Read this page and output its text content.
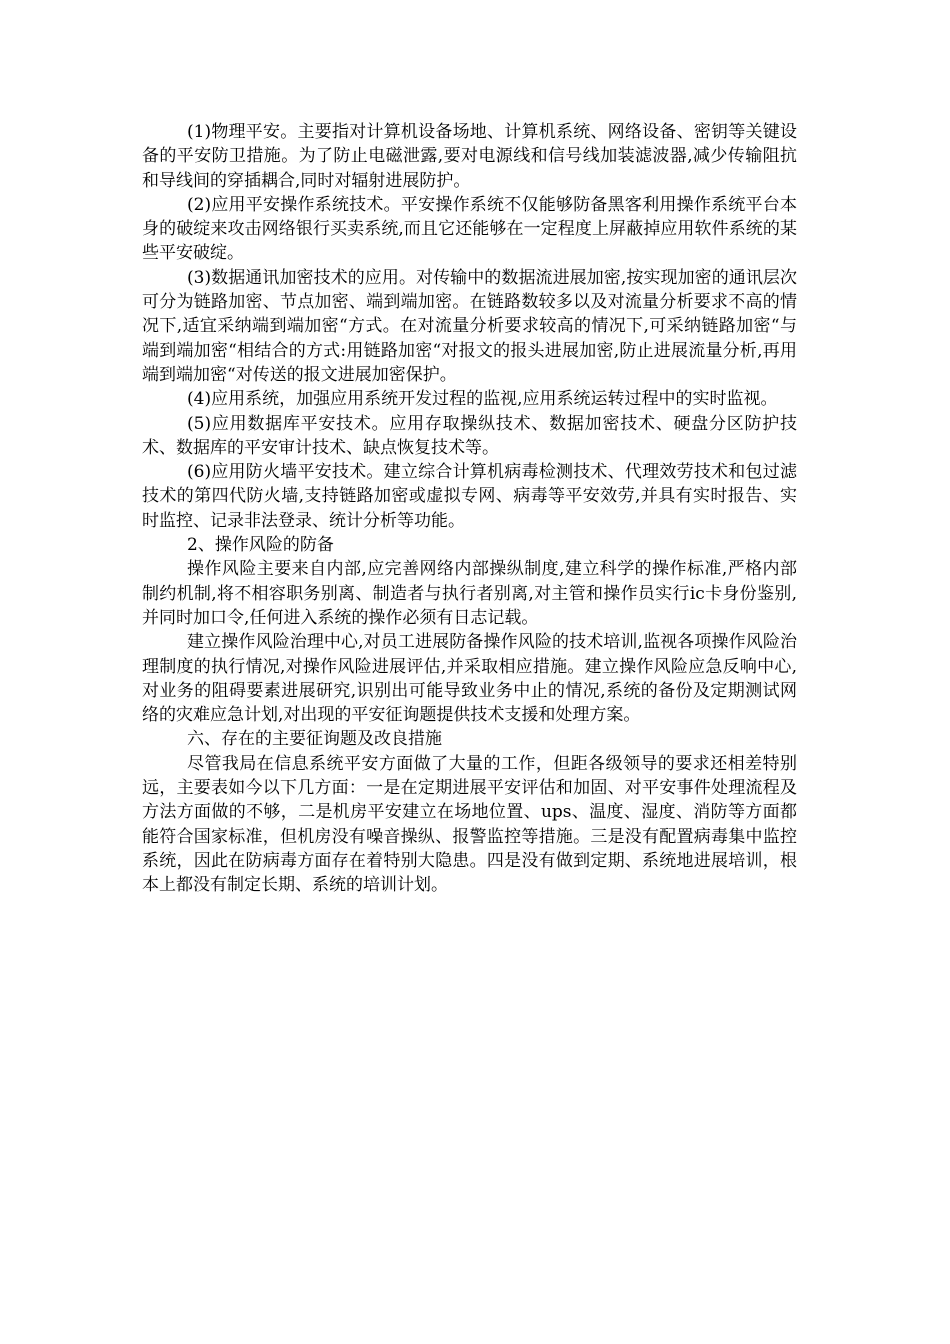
(1)物理平安。主要指对计算机设备场地、计算机系统、网络设备、密钥等关键设备的平安防卫措施。为了防止电磁泄露,要对电源线和信号线加装滤波器,减少传输阻抗和导线间的穿插耦合,同时对辐射进展防护。

(2)应用平安操作系统技术。平安操作系统不仅能够防备黑客利用操作系统平台本身的破绽来攻击网络银行买卖系统,而且它还能够在一定程度上屏蔽掉应用软件系统的某些平安破绽。

(3)数据通讯加密技术的应用。对传输中的数据流进展加密,按实现加密的通讯层次可分为链路加密、节点加密、端到端加密。在链路数较多以及对流量分析要求不高的情况下,适宜采纳端到端加密“方式。在对流量分析要求较高的情况下,可采纳链路加密“与端到端加密“相结合的方式:用链路加密“对报文的报头进展加密,防止进展流量分析,再用端到端加密“对传送的报文进展加密保护。

(4)应用系统，加强应用系统开发过程的监视,应用系统运转过程中的实时监视。

(5)应用数据库平安技术。应用存取操纵技术、数据加密技术、硬盘分区防护技术、数据库的平安审计技术、缺点恢复技术等。

(6)应用防火墙平安技术。建立综合计算机病毒检测技术、代理效劳技术和包过滤技术的第四代防火墙,支持链路加密或虚拟专网、病毒等平安效劳,并具有实时报告、实时监控、记录非法登录、统计分析等功能。

2、操作风险的防备

操作风险主要来自内部,应完善网络内部操纵制度,建立科学的操作标准,严格内部制约机制,将不相容职务别离、制造者与执行者别离,对主管和操作员实行ic卡身份鉴别,并同时加口令,任何进入系统的操作必须有日志记载。

建立操作风险治理中心,对员工进展防备操作风险的技术培训,监视各项操作风险治理制度的执行情况,对操作风险进展评估,并采取相应措施。建立操作风险应急反响中心,对业务的阻碍要素进展研究,识别出可能导致业务中止的情况,系统的备份及定期测试网络的灾难应急计划,对出现的平安征询题提供技术支援和处理方案。

六、存在的主要征询题及改良措施

尽管我局在信息系统平安方面做了大量的工作，但距各级领导的要求还相差特别远，主要表如今以下几方面：一是在定期进展平安评估和加固、对平安事件处理流程及方法方面做的不够，二是机房平安建立在场地位置、ups、温度、湿度、消防等方面都能符合国家标准，但机房没有噪音操纵、报警监控等措施。三是没有配置病毒集中监控系统，因此在防病毒方面存在着特别大隐患。四是没有做到定期、系统地进展培训，根本上都没有制定长期、系统的培训计划。
